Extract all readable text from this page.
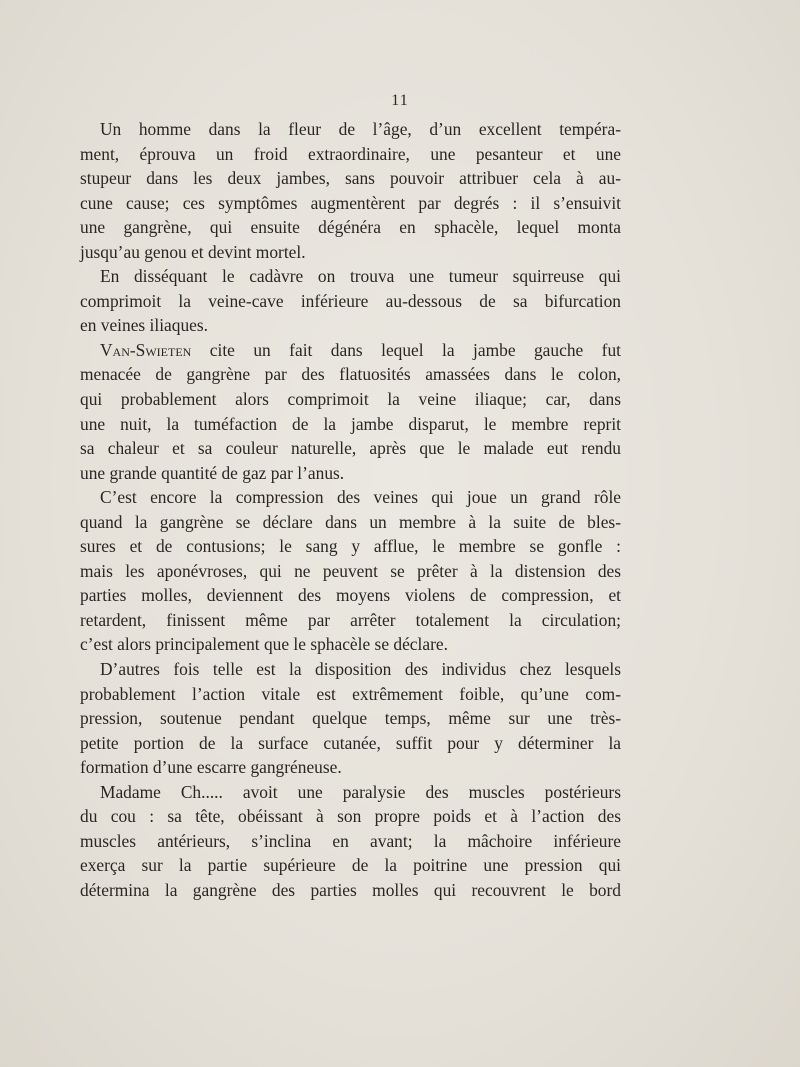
11
Un homme dans la fleur de l’âge, d’un excellent tempéra-
ment, éprouva un froid extraordinaire, une pesanteur et une
stupeur dans les deux jambes, sans pouvoir attribuer cela à au-
cune cause; ces symptômes augmentèrent par degrés : il s’ensuivit
une gangrène, qui ensuite dégénéra en sphacèle, lequel monta
jusqu’au genou et devint mortel.
En disséquant le cadàvre on trouva une tumeur squirreuse qui
comprimoit la veine-cave inférieure au-dessous de sa bifurcation
en veines iliaques.
Van-Swieten cite un fait dans lequel la jambe gauche fut
menacée de gangrène par des flatuosités amassées dans le colon,
qui probablement alors comprimoit la veine iliaque; car, dans
une nuit, la tuméfaction de la jambe disparut, le membre reprit
sa chaleur et sa couleur naturelle, après que le malade eut rendu
une grande quantité de gaz par l’anus.
C’est encore la compression des veines qui joue un grand rôle
quand la gangrène se déclare dans un membre à la suite de bles-
sures et de contusions; le sang y afflue, le membre se gonfle :
mais les aponévroses, qui ne peuvent se prêter à la distension des
parties molles, deviennent des moyens violens de compression, et
retardent, finissent même par arrêter totalement la circulation;
c’est alors principalement que le sphacèle se déclare.
D’autres fois telle est la disposition des individus chez lesquels
probablement l’action vitale est extrêmement foible, qu’une com-
pression, soutenue pendant quelque temps, même sur une très-
petite portion de la surface cutanée, suffit pour y déterminer la
formation d’une escarre gangréneuse.
Madame Ch..... avoit une paralysie des muscles postérieurs
du cou : sa tête, obéissant à son propre poids et à l’action des
muscles antérieurs, s’inclina en avant; la mâchoire inférieure
exerça sur la partie supérieure de la poitrine une pression qui
détermina la gangrène des parties molles qui recouvrent le bord
